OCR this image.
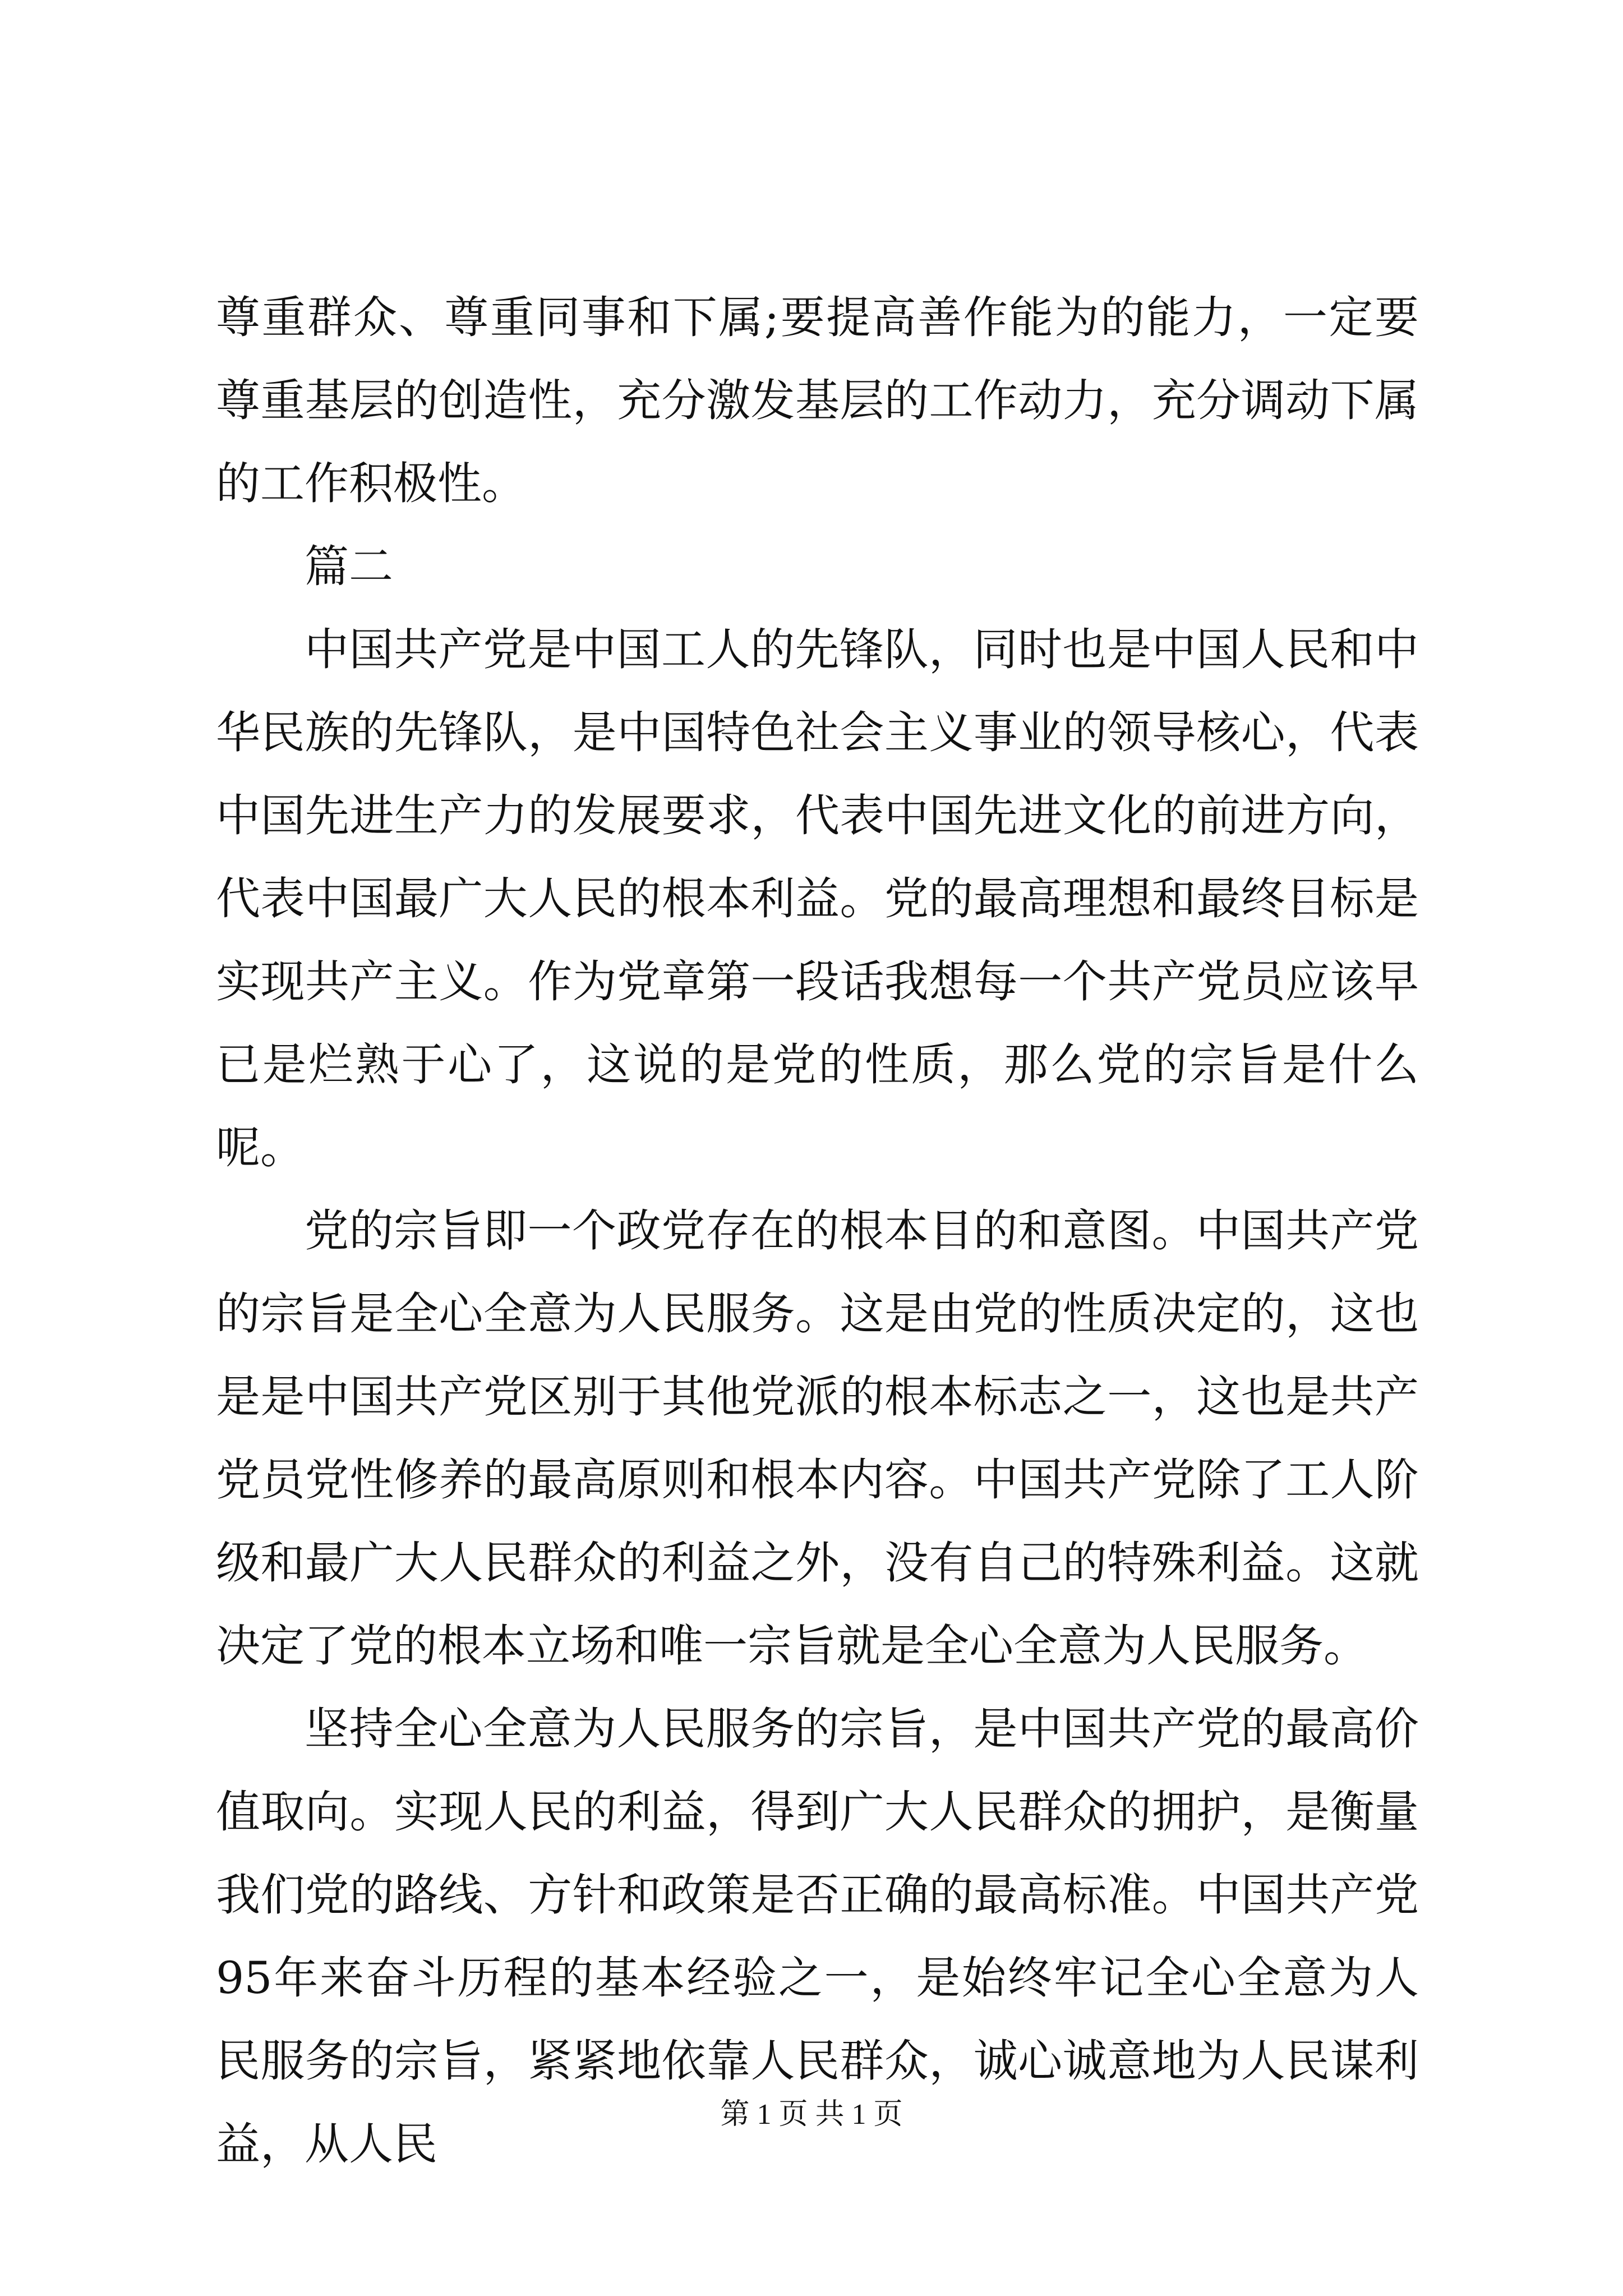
尊重群众、尊重同事和下属;要提高善作能为的能力，一定要尊重基层的创造性，充分激发基层的工作动力，充分调动下属的工作积极性。

篇二

中国共产党是中国工人的先锋队，同时也是中国人民和中华民族的先锋队，是中国特色社会主义事业的领导核心，代表中国先进生产力的发展要求，代表中国先进文化的前进方向，代表中国最广大人民的根本利益。党的最高理想和最终目标是实现共产主义。作为党章第一段话我想每一个共产党员应该早已是烂熟于心了，这说的是党的性质，那么党的宗旨是什么呢。

党的宗旨即一个政党存在的根本目的和意图。中国共产党的宗旨是全心全意为人民服务。这是由党的性质决定的，这也是是中国共产党区别于其他党派的根本标志之一，这也是共产党员党性修养的最高原则和根本内容。中国共产党除了工人阶级和最广大人民群众的利益之外，没有自己的特殊利益。这就决定了党的根本立场和唯一宗旨就是全心全意为人民服务。

坚持全心全意为人民服务的宗旨，是中国共产党的最高价值取向。实现人民的利益，得到广大人民群众的拥护，是衡量我们党的路线、方针和政策是否正确的最高标准。中国共产党95年来奋斗历程的基本经验之一，是始终牢记全心全意为人民服务的宗旨，紧紧地依靠人民群众，诚心诚意地为人民谋利益，从人民

第 1 页 共 1 页
